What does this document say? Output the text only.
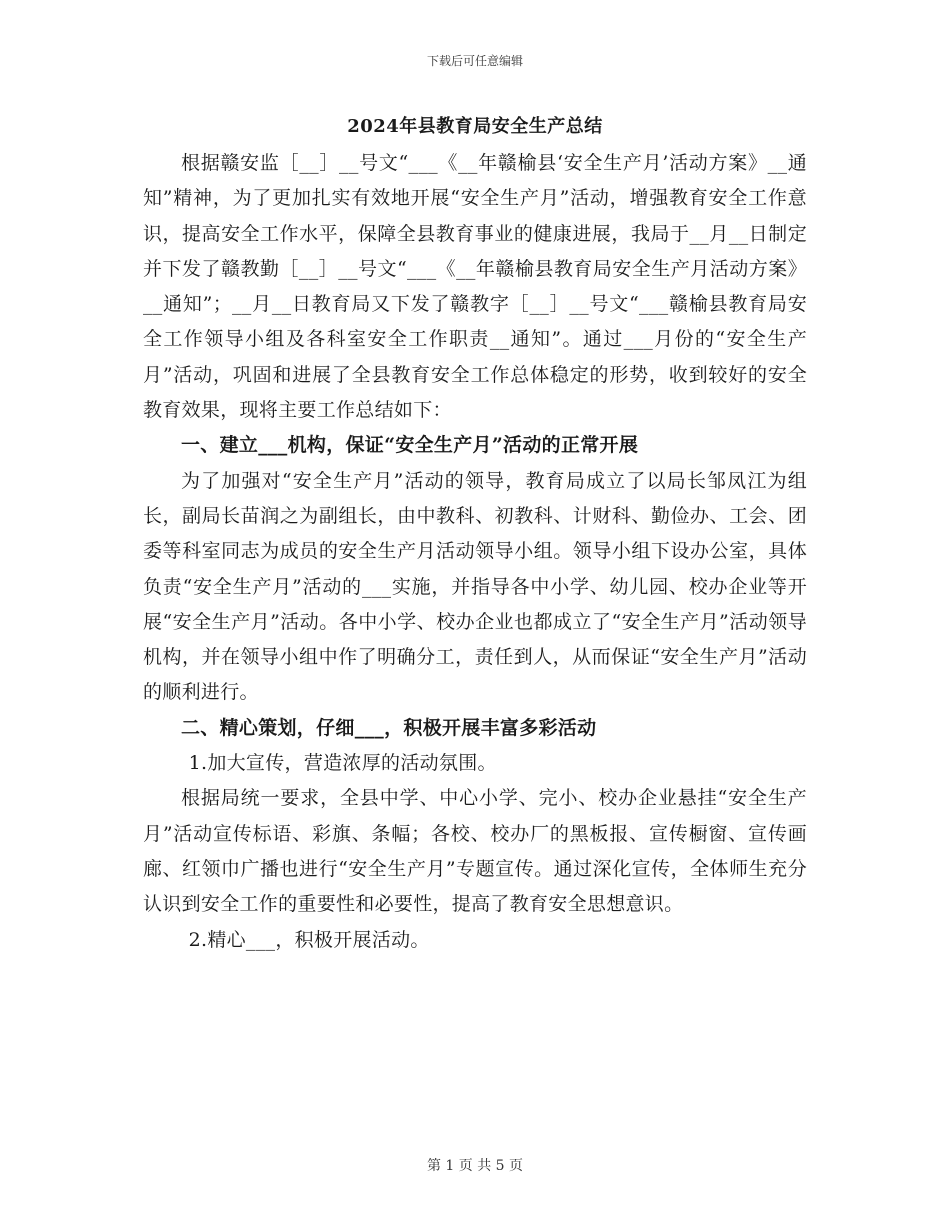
下载后可任意编辑
2024年县教育局安全生产总结

根据赣安监［__］__号文“___《__年赣榆县‘安全生产月’活动方案》__通知”精神，为了更加扎实有效地开展“安全生产月”活动，增强教育安全工作意识，提高安全工作水平，保障全县教育事业的健康进展，我局于__月__日制定并下发了赣教勤［__］__号文“___《__年赣榆县教育局安全生产月活动方案》__通知”；__月__日教育局又下发了赣教字［__］__号文“___赣榆县教育局安全工作领导小组及各科室安全工作职责__通知”。通过___月份的“安全生产月”活动，巩固和进展了全县教育安全工作总体稳定的形势，收到较好的安全教育效果，现将主要工作总结如下：

一、建立___机构，保证“安全生产月”活动的正常开展

为了加强对“安全生产月”活动的领导，教育局成立了以局长邹凤江为组长，副局长苗润之为副组长，由中教科、初教科、计财科、勤俭办、工会、团委等科室同志为成员的安全生产月活动领导小组。领导小组下设办公室，具体负责“安全生产月”活动的___实施，并指导各中小学、幼儿园、校办企业等开展“安全生产月”活动。各中小学、校办企业也都成立了“安全生产月”活动领导机构，并在领导小组中作了明确分工，责任到人，从而保证“安全生产月”活动的顺利进行。

二、精心策划，仔细___，积极开展丰富多彩活动

1.加大宣传，营造浓厚的活动氛围。

根据局统一要求，全县中学、中心小学、完小、校办企业悬挂“安全生产月”活动宣传标语、彩旗、条幅；各校、校办厂的黑板报、宣传橱窗、宣传画廊、红领巾广播也进行“安全生产月”专题宣传。通过深化宣传，全体师生充分认识到安全工作的重要性和必要性，提高了教育安全思想意识。

2.精心___，积极开展活动。

第 1 页 共 5 页
